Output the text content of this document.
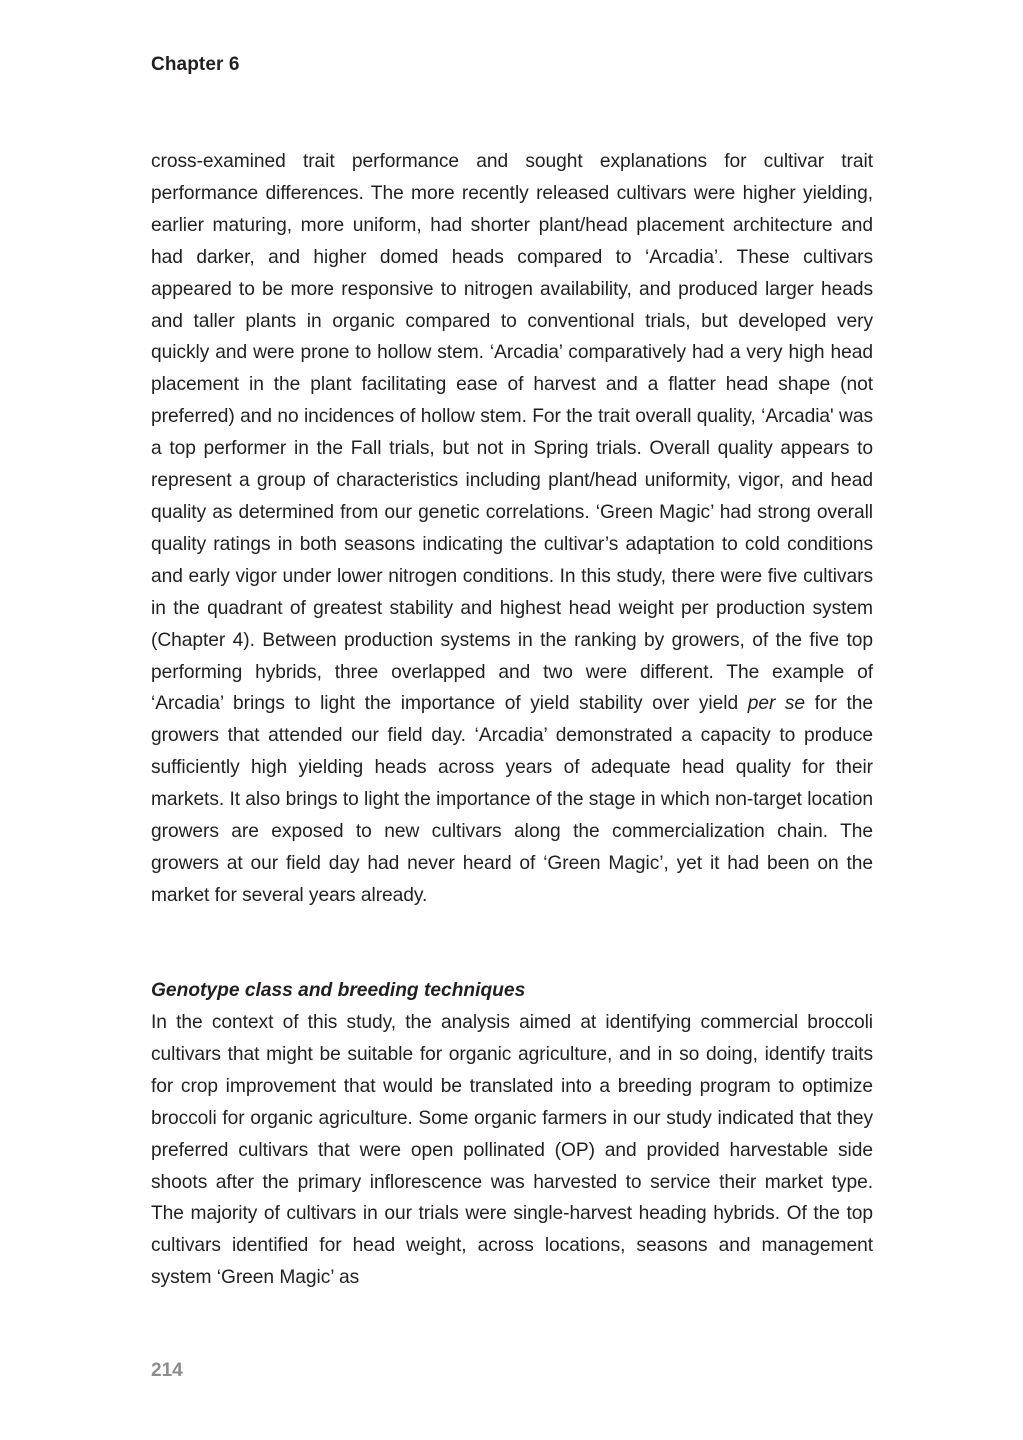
Chapter 6

cross-examined trait performance and sought explanations for cultivar trait performance differences. The more recently released cultivars were higher yielding, earlier maturing, more uniform, had shorter plant/head placement architecture and had darker, and higher domed heads compared to ‘Arcadia’. These cultivars appeared to be more responsive to nitrogen availability, and produced larger heads and taller plants in organic compared to conventional trials, but developed very quickly and were prone to hollow stem. ‘Arcadia’ comparatively had a very high head placement in the plant facilitating ease of harvest and a flatter head shape (not preferred) and no incidences of hollow stem. For the trait overall quality, ‘Arcadia' was a top performer in the Fall trials, but not in Spring trials. Overall quality appears to represent a group of characteristics including plant/head uniformity, vigor, and head quality as determined from our genetic correlations. ‘Green Magic’ had strong overall quality ratings in both seasons indicating the cultivar’s adaptation to cold conditions and early vigor under lower nitrogen conditions. In this study, there were five cultivars in the quadrant of greatest stability and highest head weight per production system (Chapter 4). Between production systems in the ranking by growers, of the five top performing hybrids, three overlapped and two were different. The example of ‘Arcadia’ brings to light the importance of yield stability over yield per se for the growers that attended our field day. ‘Arcadia’ demonstrated a capacity to produce sufficiently high yielding heads across years of adequate head quality for their markets. It also brings to light the importance of the stage in which non-target location growers are exposed to new cultivars along the commercialization chain. The growers at our field day had never heard of ‘Green Magic’, yet it had been on the market for several years already.

Genotype class and breeding techniques

In the context of this study, the analysis aimed at identifying commercial broccoli cultivars that might be suitable for organic agriculture, and in so doing, identify traits for crop improvement that would be translated into a breeding program to optimize broccoli for organic agriculture. Some organic farmers in our study indicated that they preferred cultivars that were open pollinated (OP) and provided harvestable side shoots after the primary inflorescence was harvested to service their market type. The majority of cultivars in our trials were single-harvest heading hybrids. Of the top cultivars identified for head weight, across locations, seasons and management system ‘Green Magic’ as

214
